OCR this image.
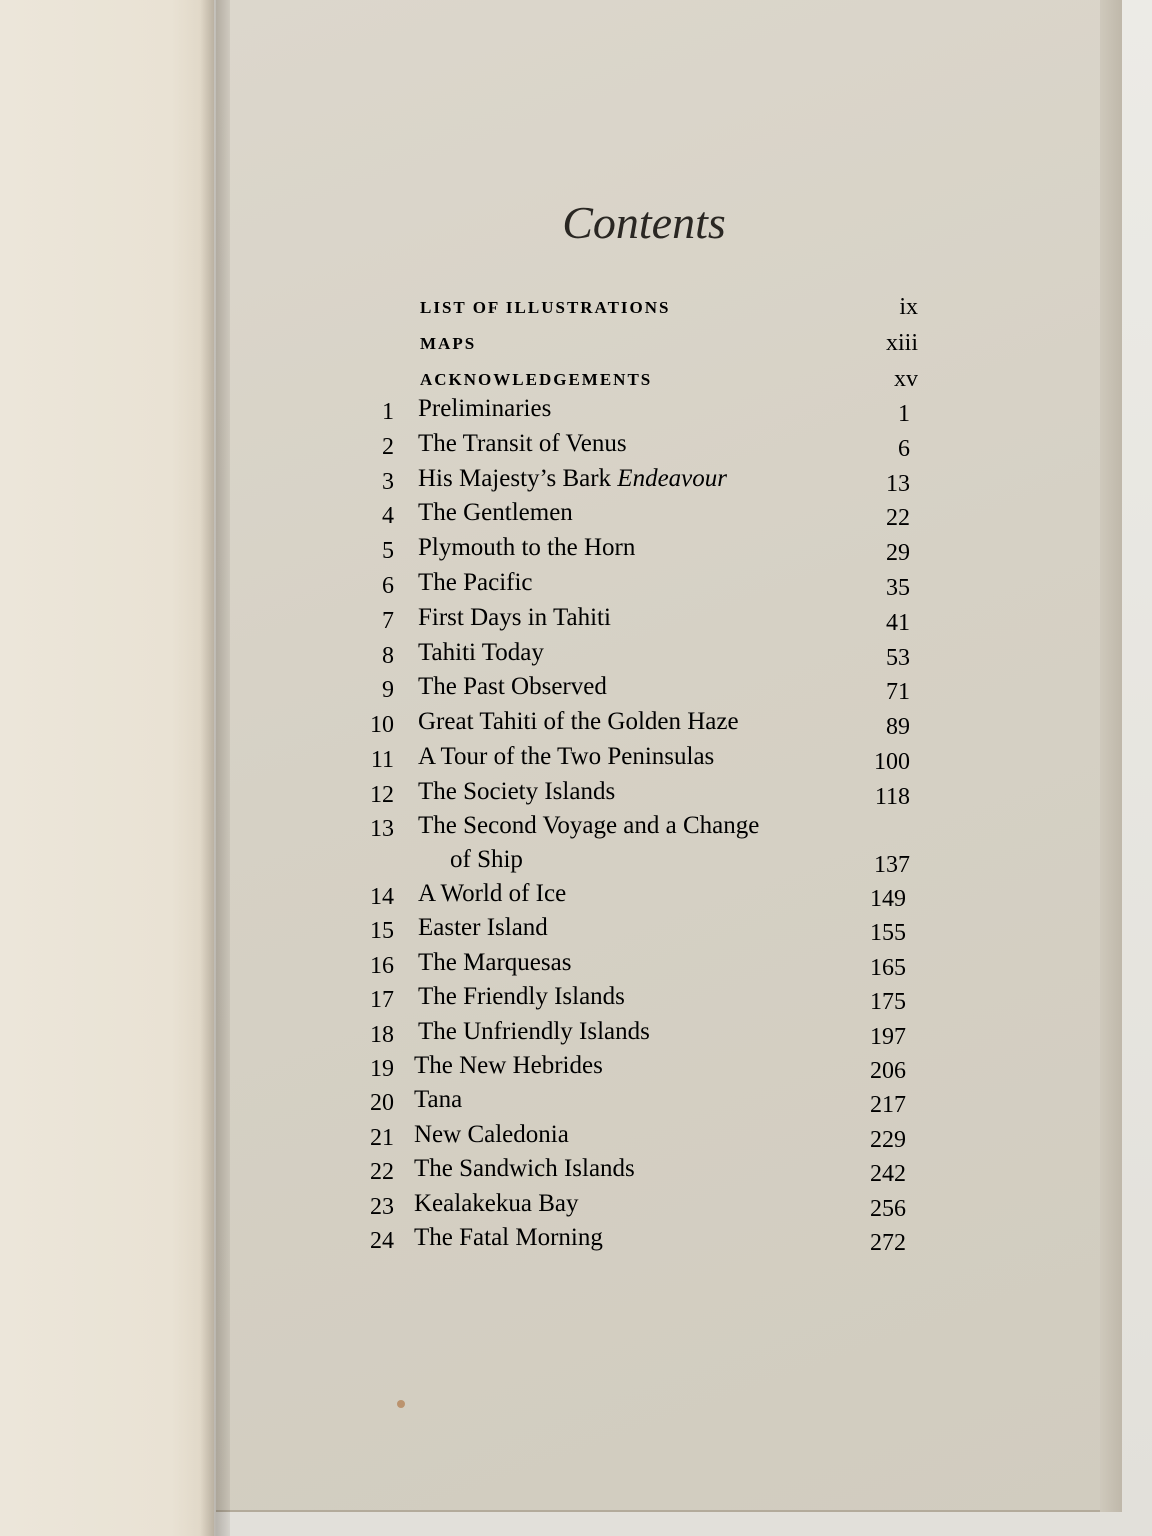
Contents
LIST OF ILLUSTRATIONS	ix
MAPS	xiii
ACKNOWLEDGEMENTS	xv
1 Preliminaries	1
2 The Transit of Venus	6
3 His Majesty’s Bark Endeavour	13
4 The Gentlemen	22
5 Plymouth to the Horn	29
6 The Pacific	35
7 First Days in Tahiti	41
8 Tahiti Today	53
9 The Past Observed	71
10 Great Tahiti of the Golden Haze	89
11 A Tour of the Two Peninsulas	100
12 The Society Islands	118
13 The Second Voyage and a Change
of Ship	137
14 A World of Ice	149
15 Easter Island	155
16 The Marquesas	165
17 The Friendly Islands	175
18 The Unfriendly Islands	197
19 The New Hebrides	206
20 Tana	217
21 New Caledonia	229
22 The Sandwich Islands	242
23 Kealakekua Bay	256
24 The Fatal Morning	272
